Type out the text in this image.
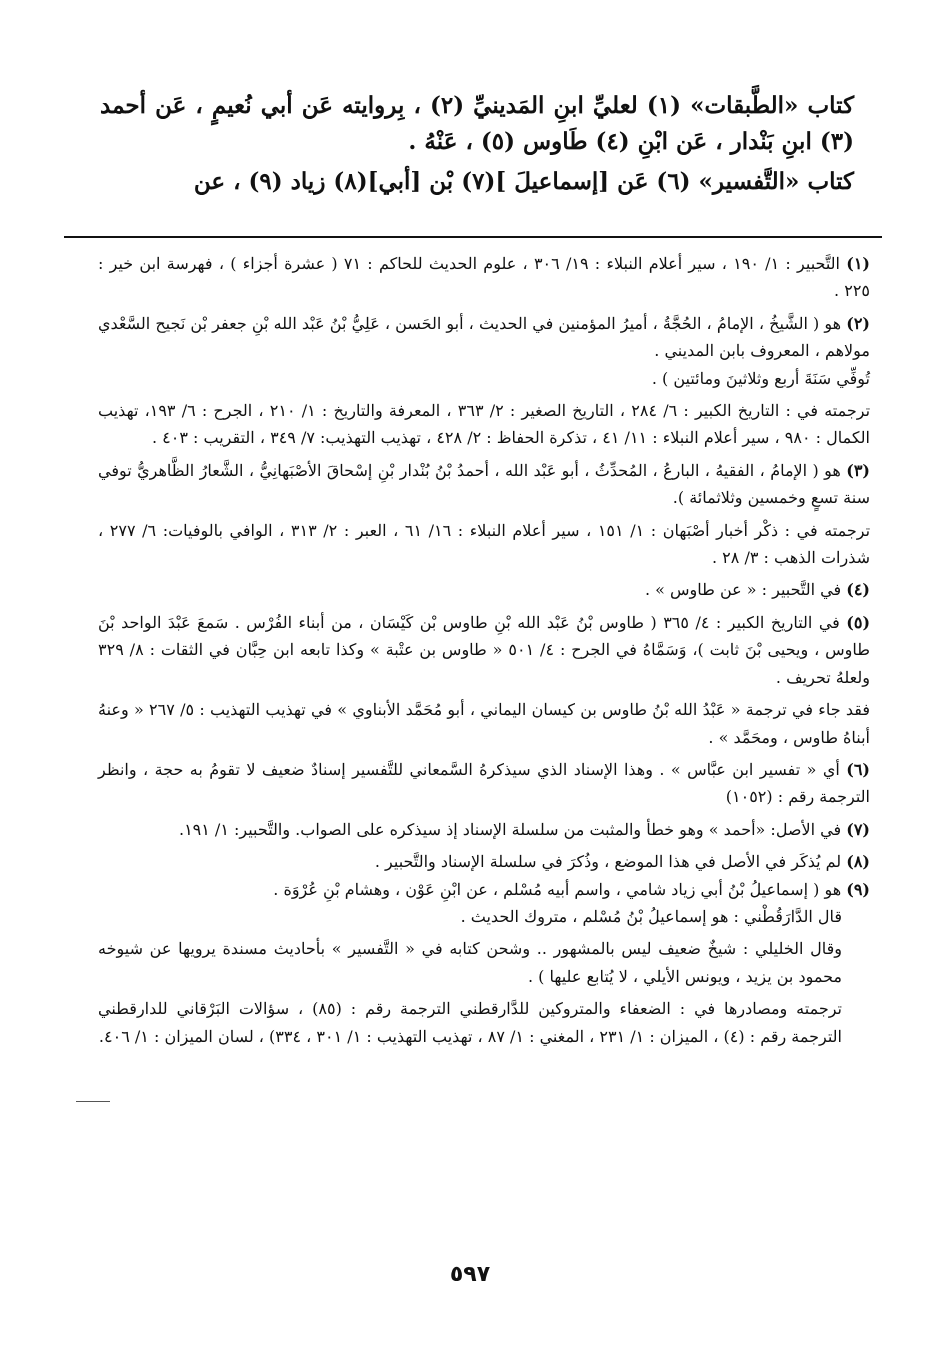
كتاب «الطَّبقات» (١) لعليِّ ابنِ المَدينيِّ (٢) ، بِروايته عَن أبي نُعيمٍ ، عَن أحمد (٣) ابنِ بَنْدار ، عَن ابْنِ (٤) طَاوس (٥) ، عَنْهُ .

كتاب «التَّفسير» (٦) عَن [إسماعيلَ ](٧) بْن [أبي](٨) زياد (٩) ، عن

(١) التَّحبير : ١/ ١٩٠ ، سير أعلام النبلاء : ١٩/ ٣٠٦ ، علوم الحديث للحاكم : ٧١ ( عشرة أجزاء ) ، فهرسة ابن خير : ٢٢٥ .
(٢) هو ( الشَّيخُ ، الإمامُ ، الحُجَّةُ ، أميرُ المؤمنين في الحديث ، أبو الحَسن ، عَلِيُّ بْنُ عَبْد الله بْنِ جعفر بْن نَجيح السَّعْدي مولاهم ، المعروف بابن المديني .
تُوفِّي سَنَةَ أربع وثلاثينَ ومائتين ) .
ترجمته في : التاريخ الكبير : ٦/ ٢٨٤ ، التاريخ الصغير : ٢/ ٣٦٣ ، المعرفة والتاريخ : ١/ ٢١٠ ، الجرح : ٦/ ١٩٣، تهذيب الكمال : ٩٨٠ ، سير أعلام النبلاء : ١١/ ٤١ ، تذكرة الحفاظ : ٢/ ٤٢٨ ، تهذيب التهذيب: ٧/ ٣٤٩ ، التقريب : ٤٠٣ .
(٣) هو ( الإمامُ ، الفقيهُ ، البارعُ ، المُحدِّثُ ، أبو عَبْد الله ، أحمدُ بْنُ بُنْدار بْنِ إسْحاقَ الأصْبَهانِيُّ ، الشَّعارُ الظَّاهريُّ توفي سنة تسعٍ وخمسين وثلاثمائة ).
ترجمته في : ذكْر أخبار أصْبَهان : ١/ ١٥١ ، سير أعلام النبلاء : ١٦/ ٦١ ، العبر : ٢/ ٣١٣ ، الوافي بالوفيات: ٦/ ٢٧٧ ، شذرات الذهب : ٣/ ٢٨ .
(٤) في التَّحبير : « عن طاوس » .
(٥) في التاريخ الكبير : ٤/ ٣٦٥ ( طاوس بْنُ عَبْد الله بْنِ طاوس بْن كَيْسَان ، من أبناء الفُرْس . سَمعَ عَبْدَ الواحد بْنَ طاوس ، ويحيى بْنَ ثابت )، وَسَمَّاهُ في الجرح : ٤/ ٥٠١ « طاوس بن عتْبة » وكذا تابعه ابن حِبَّان في الثقات : ٨/ ٣٢٩ ولعلهُ تحريف .
فقد جاء في ترجمة « عَبْدُ الله بْنُ طاوس بن كيسان اليماني ، أبو مُحَمَّد الأبناوي » في تهذيب التهذيب : ٥/ ٢٦٧ « وعنهُ أبناهُ طاوس ، ومحَمَّد » .
(٦) أي « تفسير ابن عبَّاس » . وهذا الإسناد الذي سيذكرهُ السَّمعاني للتَّفسير إسنادٌ ضعيف لا تقومُ به حجة ، وانظر الترجمة رقم : (١٠٥٢)
(٧) في الأصل: «أحمد » وهو خطأ والمثبت من سلسلة الإسناد إذ سيذكره على الصواب. والتَّحبير: ١/ ١٩١.
(٨) لم يُذكَر في الأصل في هذا الموضع ، وذُكرَ في سلسلة الإسناد والتَّحبير .
(٩) هو ( إسماعيلُ بْنُ أبي زياد شامي ، واسم أبيه مُسْلم ، عن ابْنِ عَوْن ، وهشام بْنِ عُرْوَة .
قال الدَّارَقُطْني : هو إسماعيلُ بْنُ مُسْلم ، متروك الحديث .
وقال الخليلي : شيخٌ ضعيف ليس بالمشهور .. وشحن كتابه في « التَّفسير » بأحاديث مسندة يرويها عن شيوخه محمود بن يزيد ، ويونس الأيلي ، لا يُتابع عليها ) .
ترجمته ومصادرها في : الضعفاء والمتروكين للدَّارقطني الترجمة رقم : (٨٥) ، سؤالات البَرْقاني للدارقطني الترجمة رقم : (٤) ، الميزان : ١/ ٢٣١ ، المغني : ١/ ٨٧ ، تهذيب التهذيب : ١/ ٣٠١ ، ٣٣٤) ، لسان الميزان : ١/ ٤٠٦.
٥٩٧
